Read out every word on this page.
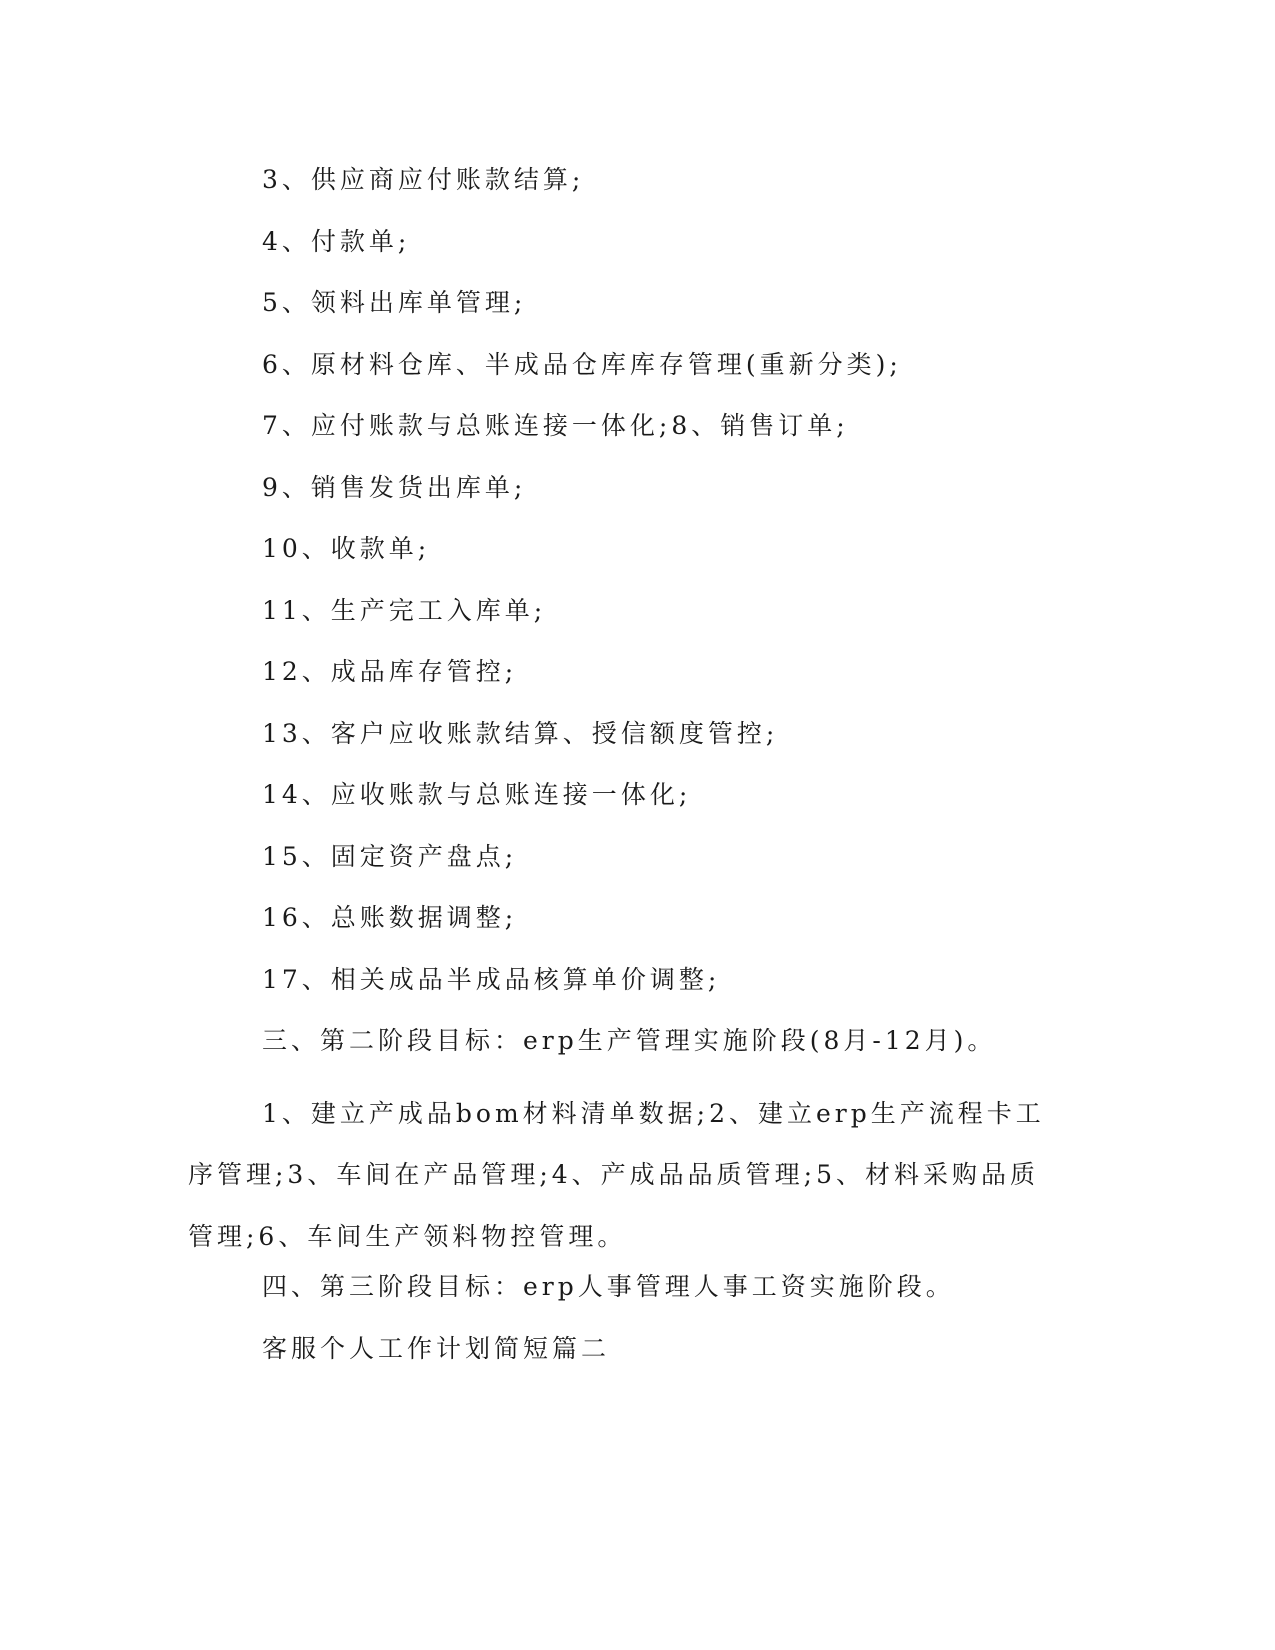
3、供应商应付账款结算;

4、付款单;

5、领料出库单管理;

6、原材料仓库、半成品仓库库存管理(重新分类);

7、应付账款与总账连接一体化;8、销售订单;

9、销售发货出库单;

10、收款单;

11、生产完工入库单;

12、成品库存管控;

13、客户应收账款结算、授信额度管控;

14、应收账款与总账连接一体化;

15、固定资产盘点;

16、总账数据调整;

17、相关成品半成品核算单价调整;

三、第二阶段目标：erp生产管理实施阶段(8月-12月)。

1、建立产成品bom材料清单数据;2、建立erp生产流程卡工序管理;3、车间在产品管理;4、产成品品质管理;5、材料采购品质管理;6、车间生产领料物控管理。

四、第三阶段目标：erp人事管理人事工资实施阶段。

客服个人工作计划简短篇二
